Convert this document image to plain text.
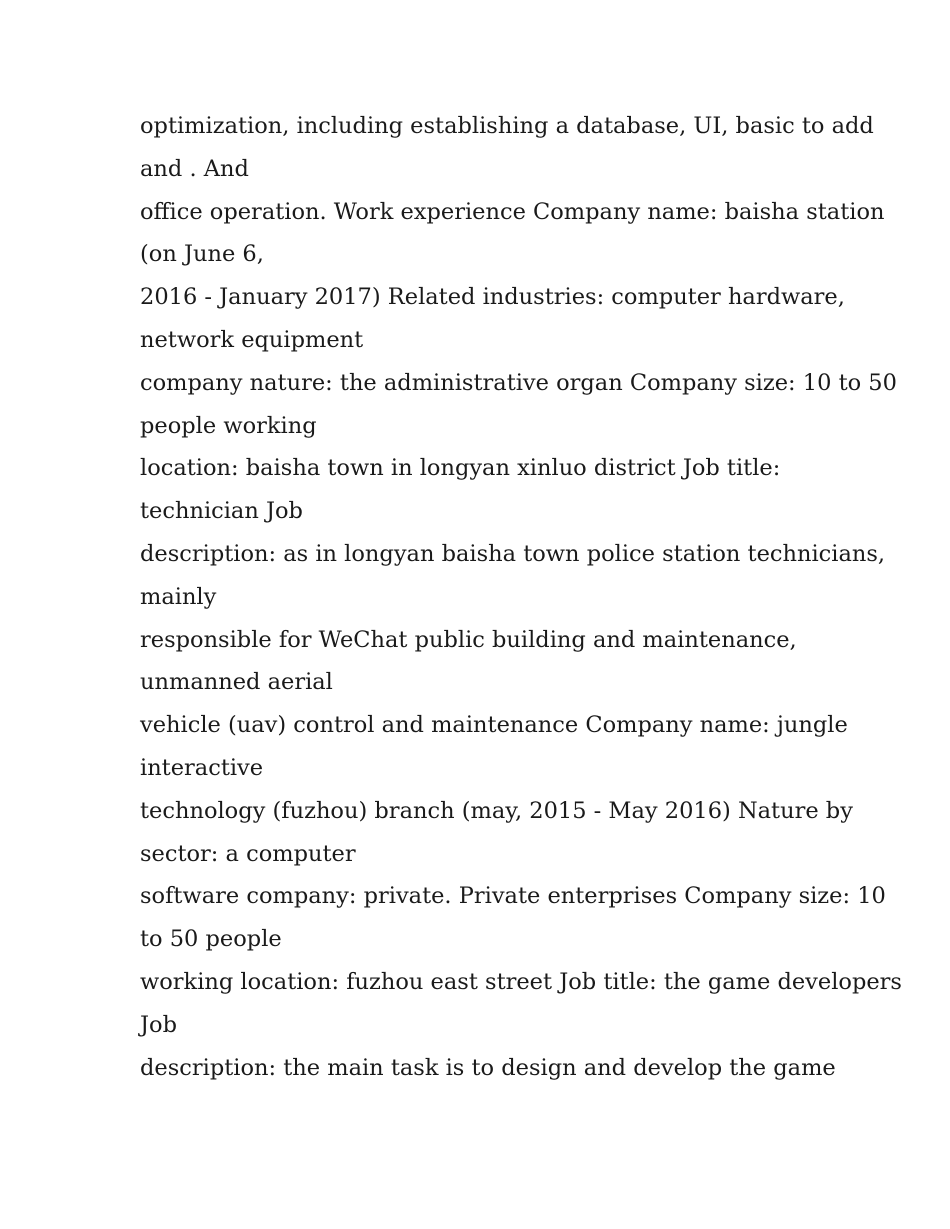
optimization, including establishing a database, UI, basic to add
and . And
office operation. Work experience Company name: baisha station
(on June 6,
2016 - January 2017) Related industries: computer hardware,
network equipment
company nature: the administrative organ Company size: 10 to 50
people working
location: baisha town in longyan xinluo district Job title:
technician Job
description: as in longyan baisha town police station technicians,
mainly
responsible for WeChat public building and maintenance,
unmanned aerial
vehicle (uav) control and maintenance Company name: jungle
interactive
technology (fuzhou) branch (may, 2015 - May 2016) Nature by
sector: a computer
software company: private. Private enterprises Company size: 10
to 50 people
working location: fuzhou east street Job title: the game developers
Job
description: the main task is to design and develop the game
